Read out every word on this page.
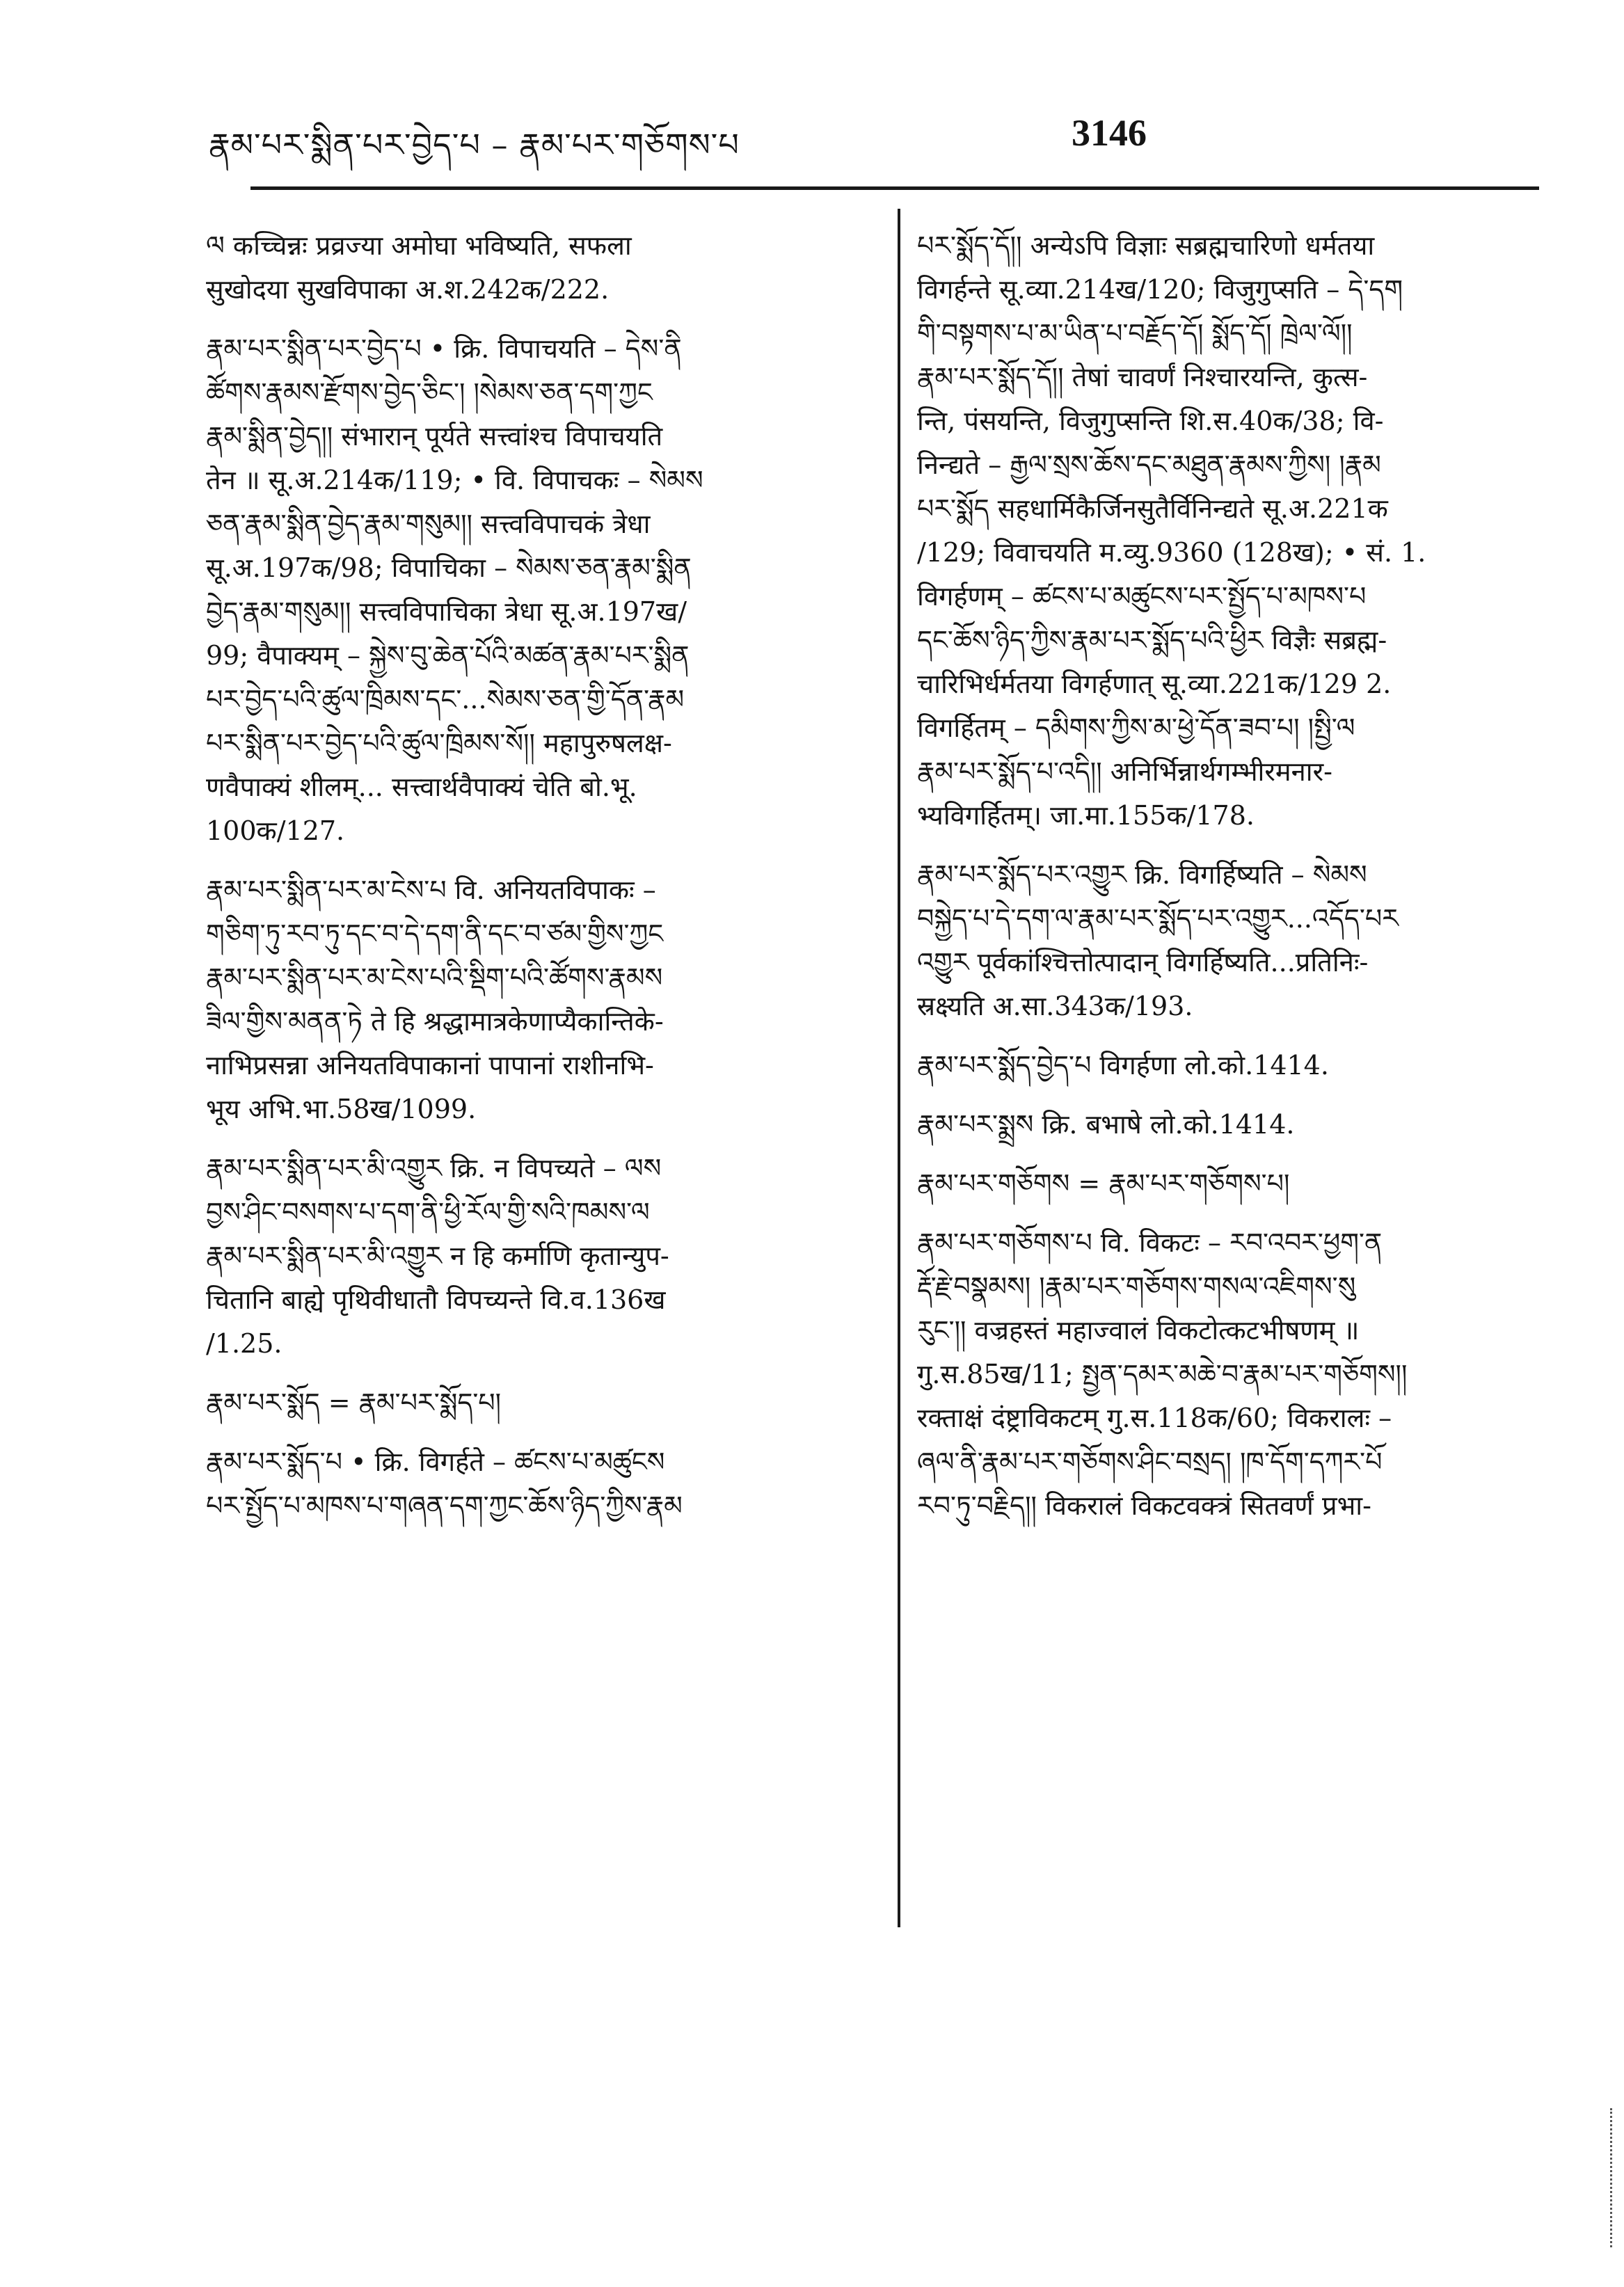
རྣམ་པར་སྨིན་པར་བྱེད་པ – རྣམ་པར་གཅོགས་པ	3146
ལ कच्चिन्नः प्रव्रज्या अमोघा भविष्यति, सफला
सुखोदया सुखविपाका अ.श.242क/222.
རྣམ་པར་སྨིན་པར་བྱེད་པ • क्रि. विपाचयति – དེས་ནི
ཚོགས་རྣམས་རྫོགས་བྱེད་ཅིང་། །སེམས་ཅན་དག་ཀྱང
རྣམ་སྨིན་བྱེད།། संभारान् पूर्यते सत्त्वांश्च विपाचयति
तेन ॥ सू.अ.214क/119; • वि. विपाचकः – སེམས
ཅན་རྣམ་སྨིན་བྱེད་རྣམ་གསུམ།། सत्त्वविपाचकं त्रेधा
सू.अ.197क/98; विपाचिका – སེམས་ཅན་རྣམ་སྨིན
བྱེད་རྣམ་གསུམ།། सत्त्वविपाचिका त्रेधा सू.अ.197ख/
99; वैपाक्यम् – སྐྱེས་བུ་ཆེན་པོའི་མཚན་རྣམ་པར་སྨིན
པར་བྱེད་པའི་ཚུལ་ཁྲིམས་དང་...སེམས་ཅན་གྱི་དོན་རྣམ
པར་སྨིན་པར་བྱེད་པའི་ཚུལ་ཁྲིམས་སོ།། महापुरुषलक्ष-
णवैपाक्यं शीलम्... सत्त्वार्थवैपाक्यं चेति बो.भू.
100क/127.
རྣམ་པར་སྨིན་པར་མ་ངེས་པ वि. अनियतविपाकः –
གཅིག་ཏུ་རབ་ཏུ་དང་བ་དེ་དག་ནི་དང་བ་ཙམ་གྱིས་ཀྱང
རྣམ་པར་སྨིན་པར་མ་ངེས་པའི་སྡིག་པའི་ཚོགས་རྣམས
ཟིལ་གྱིས་མནན་ཏེ ते हि श्रद्धामात्रकेणाप्यैकान्तिके-
नाभिप्रसन्ना अनियतविपाकानां पापानां राशीनभि-
भूय अभि.भा.58ख/1099.
རྣམ་པར་སྨིན་པར་མི་འགྱུར क्रि. न विपच्यते – ལས
བྱས་ཤིང་བསགས་པ་དག་ནི་ཕྱི་རོལ་གྱི་སའི་ཁམས་ལ
རྣམ་པར་སྨིན་པར་མི་འགྱུར न हि कर्माणि कृतान्युप-
चितानि बाह्ये पृथिवीधातौ विपच्यन्ते वि.व.136ख
/1.25.
རྣམ་པར་སྨོད = རྣམ་པར་སྨོད་པ།
རྣམ་པར་སྨོད་པ • क्रि. विगर्हते – ཚངས་པ་མཚུངས
པར་སྤྱོད་པ་མཁས་པ་གཞན་དག་ཀྱང་ཆོས་ཉིད་ཀྱིས་རྣམ
པར་སྨོད་དོ།། अन्येऽपि विज्ञाः सब्रह्मचारिणो धर्मतया
विगर्हन्ते सू.व्या.214ख/120; विजुगुप्सति – དེ་དག
གི་བསྟགས་པ་མ་ཡིན་པ་བརྗོད་དོ། སྨོད་དོ། ཁྲེལ་ལོ།།
རྣམ་པར་སྨོད་དོ།། तेषां चावर्णं निश्चारयन्ति, कुत्स-
न्ति, पंसयन्ति, विजुगुप्सन्ति शि.स.40क/38; वि-
निन्द्यते – རྒྱལ་སྲས་ཆོས་དང་མཐུན་རྣམས་ཀྱིས། །རྣམ
པར་སྨོད सहधार्मिकैर्जिनसुतैर्विनिन्द्यते सू.अ.221क
/129; विवाचयति म.व्यु.9360 (128ख); • सं. 1.
विगर्हणम् – ཚངས་པ་མཚུངས་པར་སྤྱོད་པ་མཁས་པ
དང་ཆོས་ཉིད་ཀྱིས་རྣམ་པར་སྨོད་པའི་ཕྱིར विज्ञैः सब्रह्म-
चारिभिर्धर्मतया विगर्हणात् सू.व्या.221क/129 2.
विगर्हितम् – དམིགས་ཀྱིས་མ་ཕྱེ་དོན་ཟབ་པ། །སྤྱི་ལ
རྣམ་པར་སྨོད་པ་འདི།། अनिर्भिन्नार्थगम्भीरमनार-
भ्यविगर्हितम्। जा.मा.155क/178.
རྣམ་པར་སྨོད་པར་འགྱུར क्रि. विगर्हिष्यति – སེམས
བསྐྱེད་པ་དེ་དག་ལ་རྣམ་པར་སྨོད་པར་འགྱུར...འདོད་པར
འགྱུར पूर्वकांश्चित्तोत्पादान् विगर्हिष्यति...प्रतिनिः-
स्रक्ष्यति अ.सा.343क/193.
རྣམ་པར་སྨོད་བྱེད་པ विगर्हणा लो.को.1414.
རྣམ་པར་སྨྲས क्रि. बभाषे लो.को.1414.
རྣམ་པར་གཅོགས = རྣམ་པར་གཅོགས་པ།
རྣམ་པར་གཅོགས་པ वि. विकटः – རབ་འབར་ཕྱག་ན
རྡོ་རྗེ་བསྣམས། །རྣམ་པར་གཅོགས་གསལ་འཇིགས་སུ
རུང་།། वज्रहस्तं महाज्वालं विकटोत्कटभीषणम् ॥
गु.स.85ख/11; སྤྱན་དམར་མཆེ་བ་རྣམ་པར་གཅོགས།།
रक्ताक्षं दंष्ट्राविकटम् गु.स.118क/60; विकरालः –
ཞལ་ནི་རྣམ་པར་གཅོགས་ཤིང་བསྲད། །ཁ་དོག་དཀར་པོ
རབ་ཏུ་བརྗིད།། विकरालं विकटवक्त्रं सितवर्णं प्रभा-
